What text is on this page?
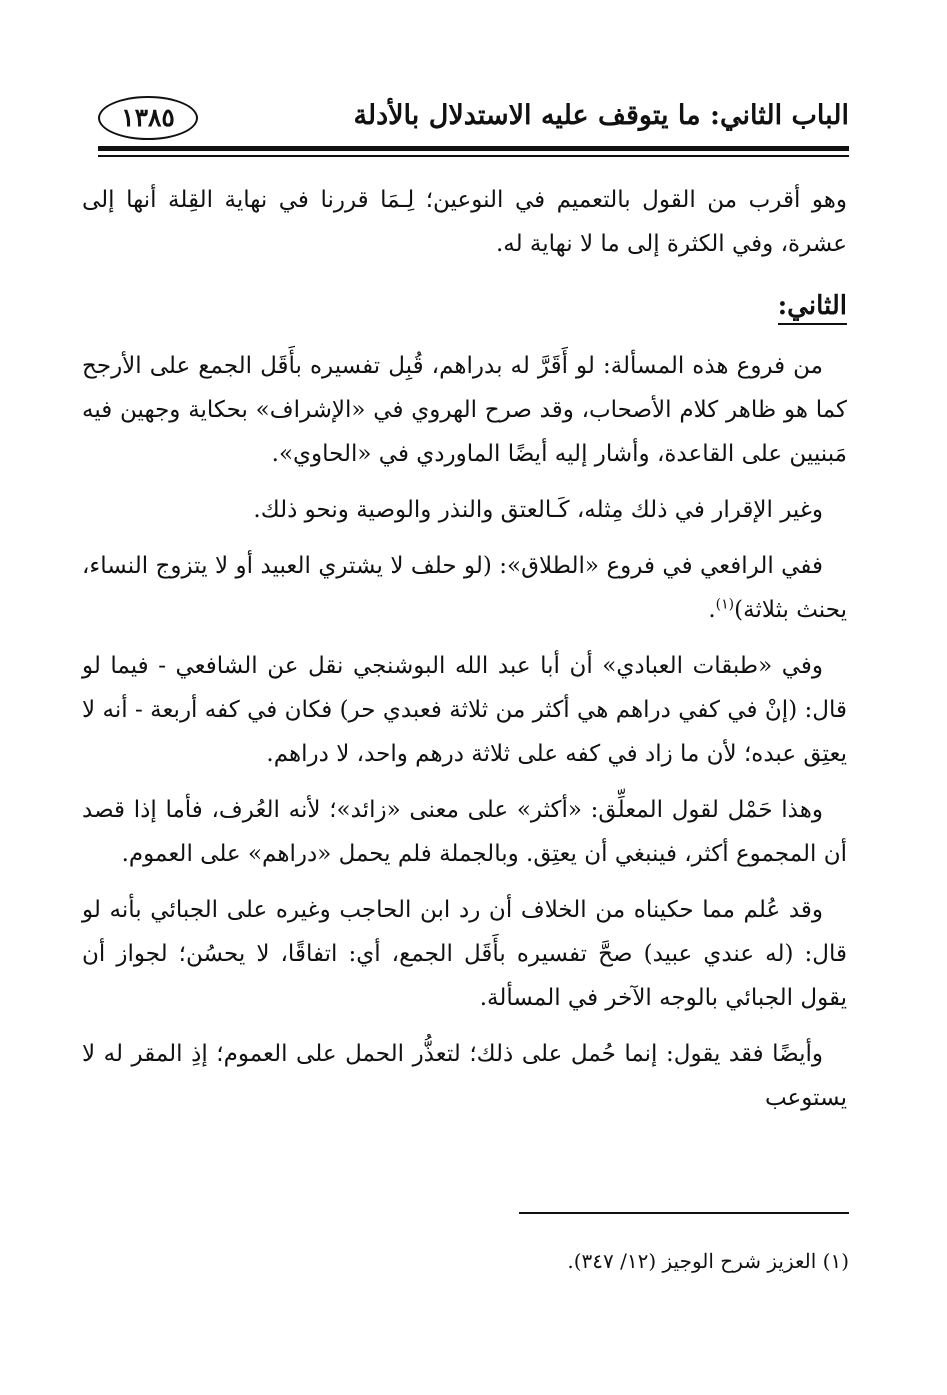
الباب الثاني: ما يتوقف عليه الاستدلال بالأدلة
١٣٨٥

وهو أقرب من القول بالتعميم في النوعين؛ لِـمَا قررنا في نهاية القِلة أنها إلى عشرة، وفي الكثرة إلى ما لا نهاية له.

الثاني:

من فروع هذه المسألة: لو أَقَرَّ له بدراهم، قُبِل تفسيره بأَقَل الجمع على الأرجح كما هو ظاهر كلام الأصحاب، وقد صرح الهروي في «الإشراف» بحكاية وجهين فيه مَبنيين على القاعدة، وأشار إليه أيضًا الماوردي في «الحاوي».

وغير الإقرار في ذلك مِثله، كَـالعتق والنذر والوصية ونحو ذلك.

ففي الرافعي في فروع «الطلاق»: (لو حلف لا يشتري العبيد أو لا يتزوج النساء، يحنث بثلاثة)$^{(١)}$.

وفي «طبقات العبادي» أن أبا عبد الله البوشنجي نقل عن الشافعي - فيما لو قال: (إنْ في كفي دراهم هي أكثر من ثلاثة فعبدي حر) فكان في كفه أربعة - أنه لا يعتِق عبده؛ لأن ما زاد في كفه على ثلاثة درهم واحد، لا دراهم.

وهذا حَمْل لقول المعلِّق: «أكثر» على معنى «زائد»؛ لأنه العُرف، فأما إذا قصد أن المجموع أكثر، فينبغي أن يعتِق. وبالجملة فلم يحمل «دراهم» على العموم.

وقد عُلم مما حكيناه من الخلاف أن رد ابن الحاجب وغيره على الجبائي بأنه لو قال: (له عندي عبيد) صحَّ تفسيره بأَقَل الجمع، أي: اتفاقًا، لا يحسُن؛ لجواز أن يقول الجبائي بالوجه الآخر في المسألة.

وأيضًا فقد يقول: إنما حُمل على ذلك؛ لتعذُّر الحمل على العموم؛ إذِ المقر له لا يستوعب

(١) العزيز شرح الوجيز (١٢/ ٣٤٧).
